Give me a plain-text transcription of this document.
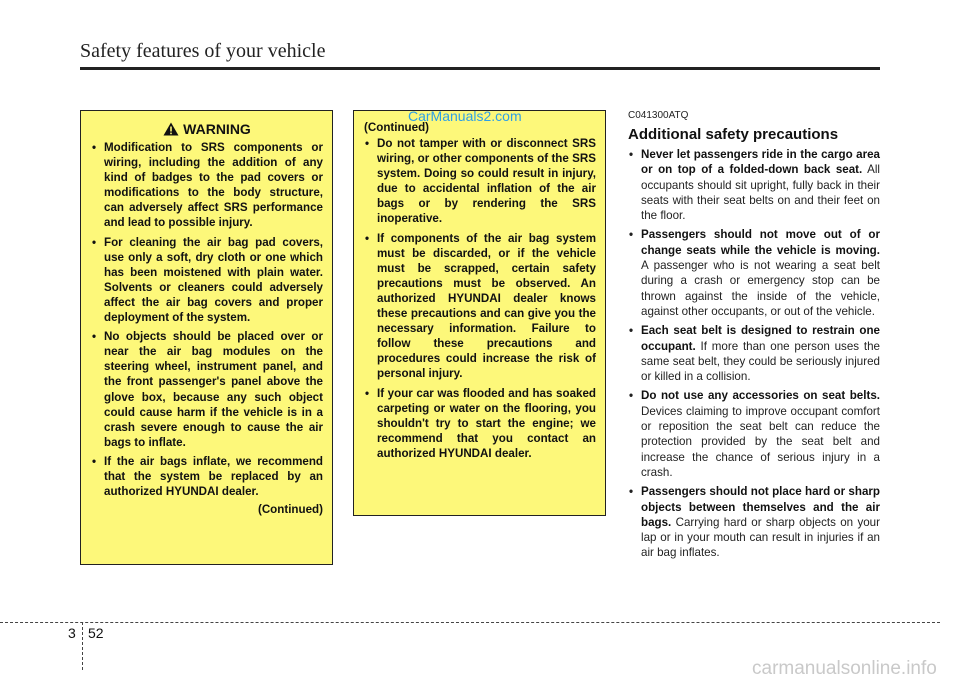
Safety features of your vehicle
WARNING
• Modification to SRS components or wiring, including the addition of any kind of badges to the pad covers or modifications to the body structure, can adversely affect SRS performance and lead to possible injury.
• For cleaning the air bag pad covers, use only a soft, dry cloth or one which has been moistened with plain water. Solvents or cleaners could adversely affect the air bag covers and proper deployment of the system.
• No objects should be placed over or near the air bag modules on the steering wheel, instrument panel, and the front passenger's panel above the glove box, because any such object could cause harm if the vehicle is in a crash severe enough to cause the air bags to inflate.
• If the air bags inflate, we recommend that the system be replaced by an authorized HYUNDAI dealer.
(Continued)
(Continued)
• Do not tamper with or disconnect SRS wiring, or other components of the SRS system. Doing so could result in injury, due to accidental inflation of the air bags or by rendering the SRS inoperative.
• If components of the air bag system must be discarded, or if the vehicle must be scrapped, certain safety precautions must be observed. An authorized HYUNDAI dealer knows these precautions and can give you the necessary information. Failure to follow these precautions and procedures could increase the risk of personal injury.
• If your car was flooded and has soaked carpeting or water on the flooring, you shouldn't try to start the engine; we recommend that you contact an authorized HYUNDAI dealer.
CarManuals2.com	C041300ATQ
Additional safety precautions
• Never let passengers ride in the cargo area or on top of a folded-down back seat. All occupants should sit upright, fully back in their seats with their seat belts on and their feet on the floor.
• Passengers should not move out of or change seats while the vehicle is moving. A passenger who is not wearing a seat belt during a crash or emergency stop can be thrown against the inside of the vehicle, against other occupants, or out of the vehicle.
• Each seat belt is designed to restrain one occupant. If more than one person uses the same seat belt, they could be seriously injured or killed in a collision.
• Do not use any accessories on seat belts. Devices claiming to improve occupant comfort or reposition the seat belt can reduce the protection provided by the seat belt and increase the chance of serious injury in a crash.
• Passengers should not place hard or sharp objects between themselves and the air bags. Carrying hard or sharp objects on your lap or in your mouth can result in injuries if an air bag inflates.
3 52
carmanualsonline.info
